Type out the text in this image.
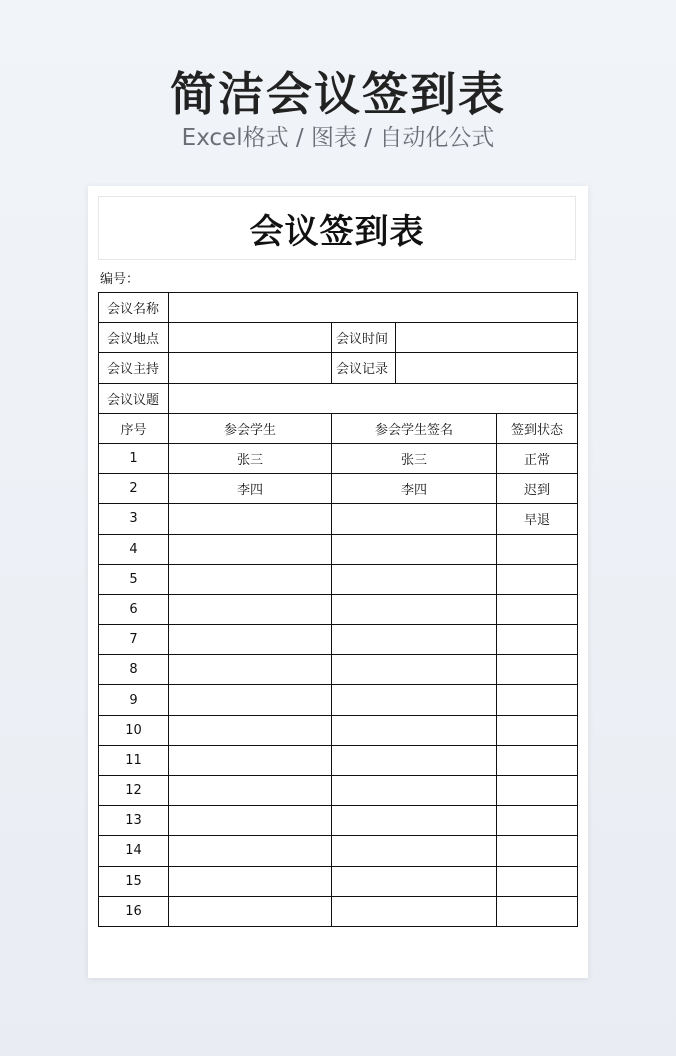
简洁会议签到表
Excel格式 / 图表 / 自动化公式
会议签到表
编号：
会议名称				
会议地点		会议时间		
会议主持		会议记录		
会议议题				
序号	参会学生	参会学生签名		签到状态
1	张三	张三		正常
2	李四	李四		迟到
3				早退
4				
5				
6				
7				
8				
9				
10				
11				
12				
13				
14				
15				
16				
